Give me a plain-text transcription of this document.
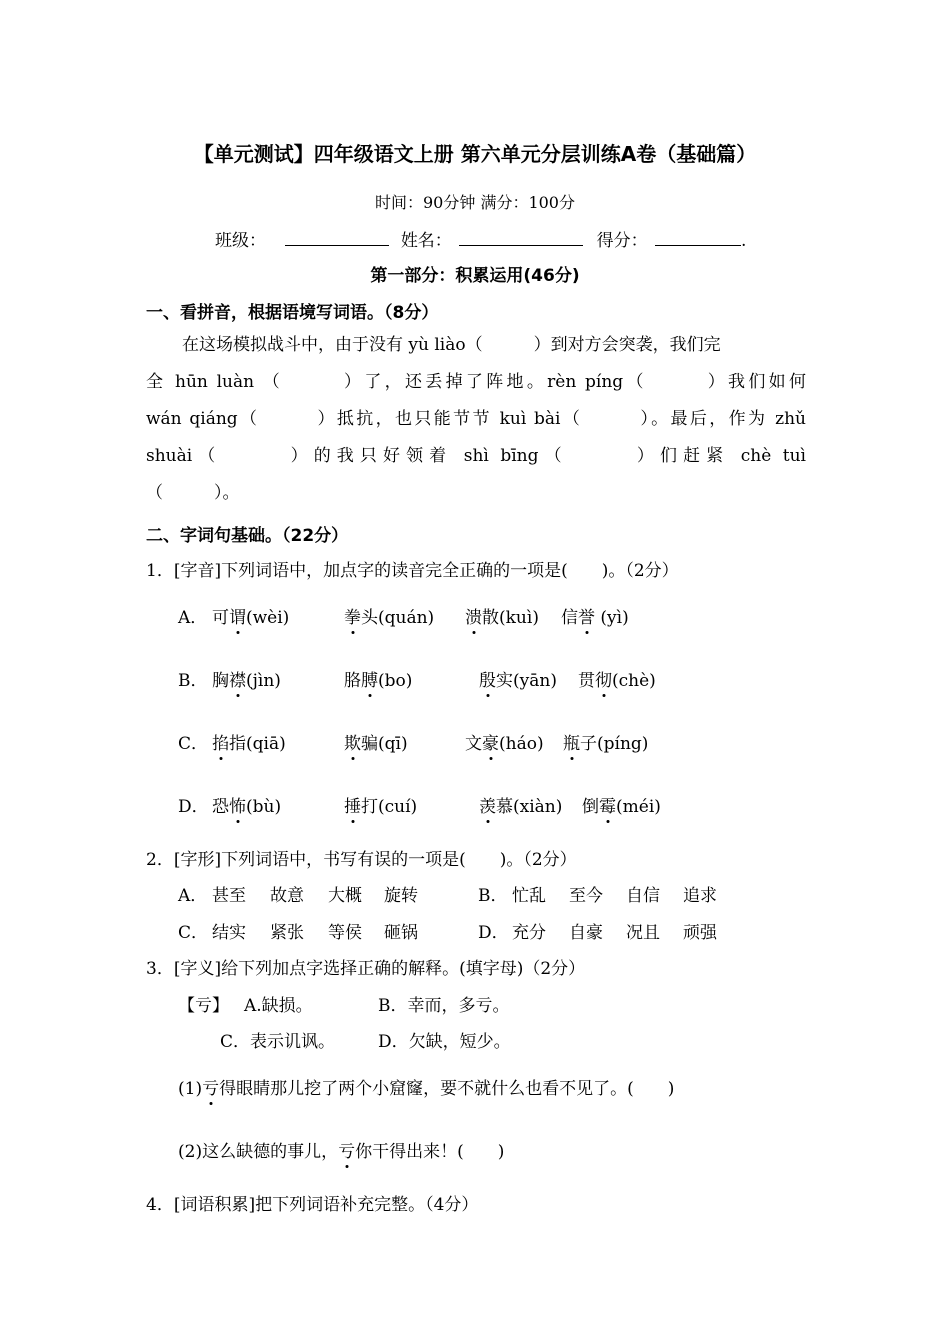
【单元测试】四年级语文上册 第六单元分层训练A卷（基础篇）
时间：90分钟 满分：100分
班级：	姓名：	得分：	.
第一部分：积累运用(46分)
一、看拼音，根据语境写词语。（8分）
在这场模拟战斗中，由于没有 yù liào（　　　）到对方会突袭，我们完
全 hūn luàn （　　　）了，还丢掉了阵地。rèn píng（　　　）我们如何
wán qiáng（　　　）抵抗，也只能节节 kuì bài（　　　）。最后，作为 zhǔ
shuài（　　　）的我只好领着 shì bīng（　　　）们赶紧 chè tuì
（　　　）。
二、字词句基础。（22分）
1．[字音]下列词语中，加点字的读音完全正确的一项是(　　)。（2分）
A． 可谓(wèi)	拳头(quán) 溃散(kuì) 信誉 (yì)
B． 胸襟(jìn)	胳膊(bo)	殷实(yān) 贯彻(chè)
C． 掐指(qiā)	欺骗(qī)	文豪(háo) 瓶子(píng)
D． 恐怖(bù)	捶打(cuí)	羡慕(xiàn) 倒霉(méi)
2．[字形]下列词语中，书写有误的一项是(　　)。（2分）
A． 甚至 故意 大概 旋转	B． 忙乱 至今 自信 追求
C． 结实 紧张 等侯 砸锅	D． 充分 自豪 况且 顽强
3．[字义]给下列加点字选择正确的解释。(填字母)（2分）
【亏】 A.缺损。	B．幸而，多亏。
C．表示讥讽。	D．欠缺，短少。
(1)亏得眼睛那儿挖了两个小窟窿，要不就什么也看不见了。(　　)
(2)这么缺德的事儿，亏你干得出来！(　　)
4．[词语积累]把下列词语补充完整。（4分）
